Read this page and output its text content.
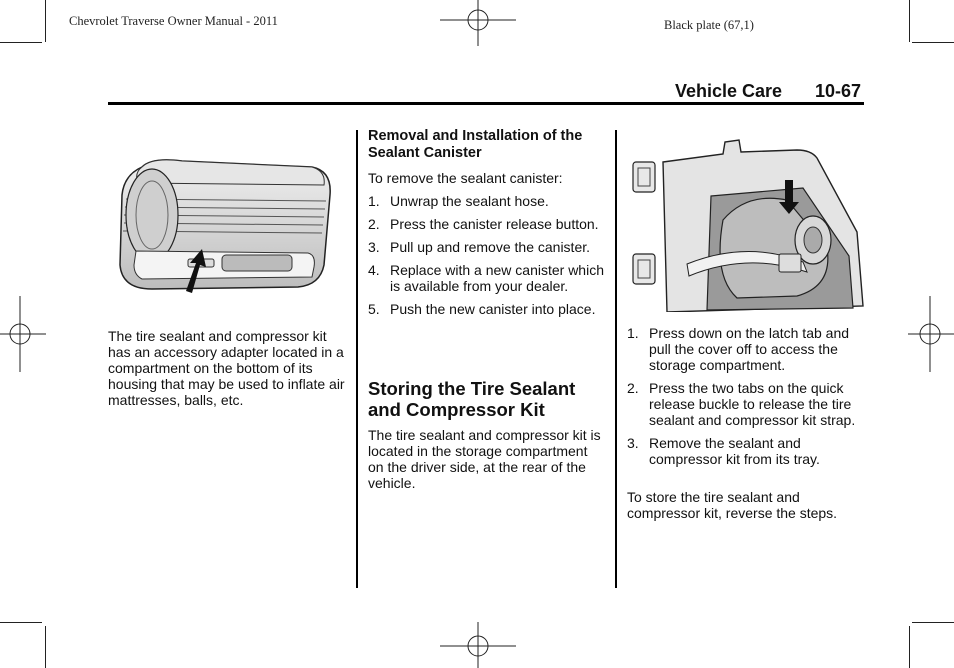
Chevrolet Traverse Owner Manual - 2011	Black plate (67,1)
Vehicle Care 10-67
The tire sealant and compressor kit has an accessory adapter located in a compartment on the bottom of its housing that may be used to inflate air mattresses, balls, etc.
Removal and Installation of the Sealant Canister
To remove the sealant canister:
1. Unwrap the sealant hose.
2. Press the canister release button.
3. Pull up and remove the canister.
4. Replace with a new canister which is available from your dealer.
5. Push the new canister into place.
Storing the Tire Sealant and Compressor Kit
The tire sealant and compressor kit is located in the storage compartment on the driver side, at the rear of the vehicle.
1. Press down on the latch tab and pull the cover off to access the storage compartment.
2. Press the two tabs on the quick release buckle to release the tire sealant and compressor kit strap.
3. Remove the sealant and compressor kit from its tray.
To store the tire sealant and compressor kit, reverse the steps.
